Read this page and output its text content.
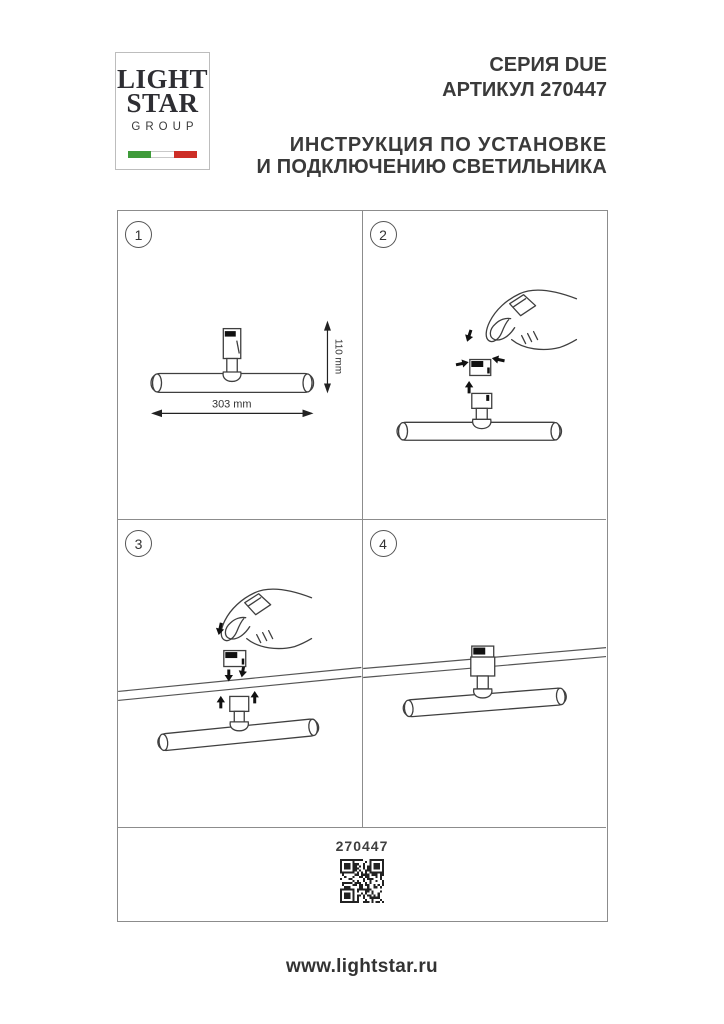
LIGHT
STAR
GROUP
СЕРИЯ DUE
АРТИКУЛ 270447
ИНСТРУКЦИЯ ПО УСТАНОВКЕ
И ПОДКЛЮЧЕНИЮ СВЕТИЛЬНИКА
1
303 mm
110 mm
2
3	4
270447
www.lightstar.ru
